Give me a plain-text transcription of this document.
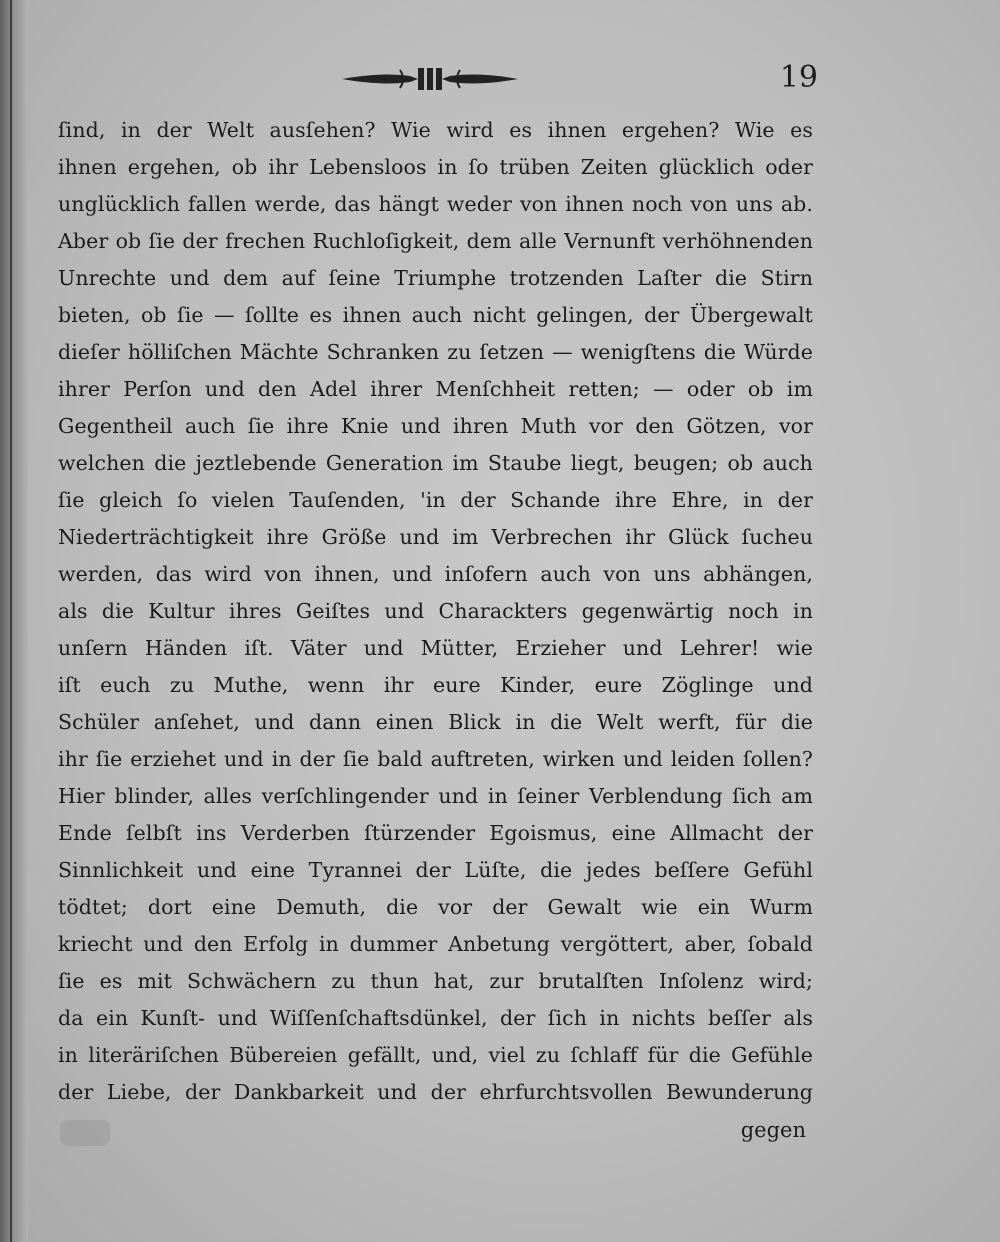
19
ſind, in der Welt ausſehen? Wie wird es ihnen ergehen? Wie es
ihnen ergehen, ob ihr Lebensloos in ſo trüben Zeiten glücklich oder
unglücklich fallen werde, das hängt weder von ihnen noch von uns ab.
Aber ob ſie der frechen Ruchloſigkeit, dem alle Vernunft verhöhnenden
Unrechte und dem auf ſeine Triumphe trotzenden Laſter die Stirn
bieten, ob ſie — ſollte es ihnen auch nicht gelingen, der Übergewalt
dieſer hölliſchen Mächte Schranken zu ſetzen — wenigſtens die Würde
ihrer Perſon und den Adel ihrer Menſchheit retten; — oder ob im
Gegentheil auch ſie ihre Knie und ihren Muth vor den Götzen, vor
welchen die jeztlebende Generation im Staube liegt, beugen; ob auch
ſie gleich ſo vielen Tauſenden, 'in der Schande ihre Ehre, in der
Niederträchtigkeit ihre Größe und im Verbrechen ihr Glück ſucheu
werden, das wird von ihnen, und inſofern auch von uns abhängen,
als die Kultur ihres Geiſtes und Charackters gegenwärtig noch in
unſern Händen iſt. Väter und Mütter, Erzieher und Lehrer! wie
iſt euch zu Muthe, wenn ihr eure Kinder, eure Zöglinge und
Schüler anſehet, und dann einen Blick in die Welt werft, für die
ihr ſie erziehet und in der ſie bald auftreten, wirken und leiden ſollen?
Hier blinder, alles verſchlingender und in ſeiner Verblendung ſich am
Ende ſelbſt ins Verderben ſtürzender Egoismus, eine Allmacht der
Sinnlichkeit und eine Tyrannei der Lüſte, die jedes beſſere Gefühl
tödtet; dort eine Demuth, die vor der Gewalt wie ein Wurm
kriecht und den Erfolg in dummer Anbetung vergöttert, aber, ſobald
ſie es mit Schwächern zu thun hat, zur brutalſten Inſolenz wird;
da ein Kunſt- und Wiſſenſchaftsdünkel, der ſich in nichts beſſer als
in literäriſchen Bübereien gefällt, und, viel zu ſchlaff für die Gefühle
der Liebe, der Dankbarkeit und der ehrfurchtsvollen Bewunderung
gegen
